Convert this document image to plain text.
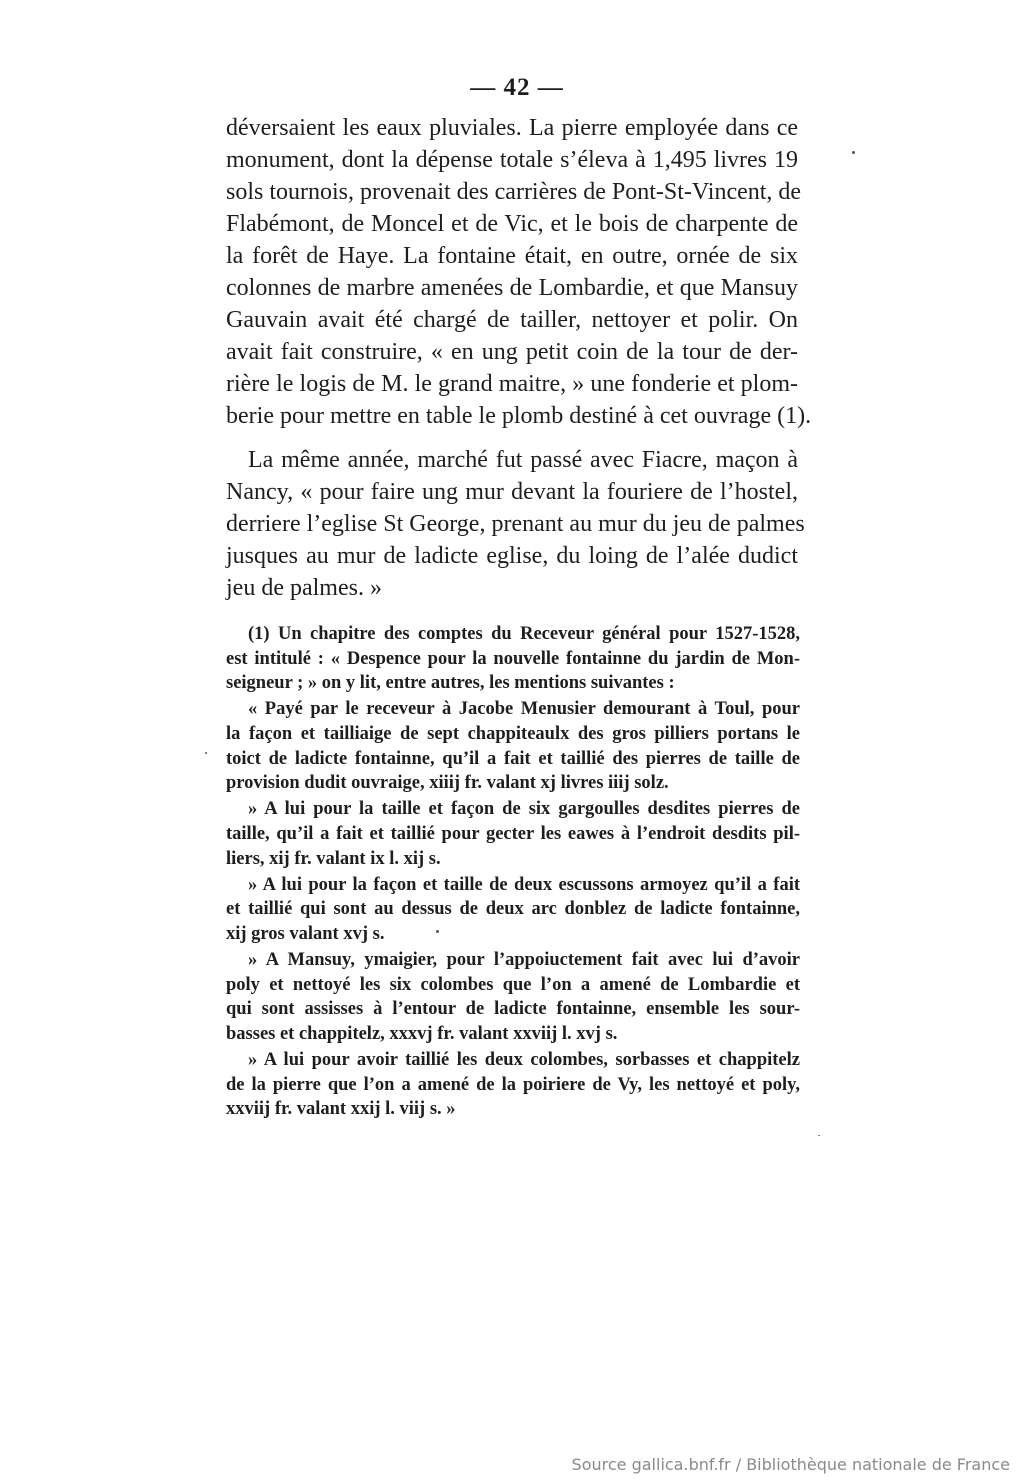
— 42 —
déversaient les eaux pluviales. La pierre employée dans ce
monument, dont la dépense totale s’éleva à 1,495 livres 19
sols tournois, provenait des carrières de Pont-St-Vincent, de
Flabémont, de Moncel et de Vic, et le bois de charpente de
la forêt de Haye. La fontaine était, en outre, ornée de six
colonnes de marbre amenées de Lombardie, et que Mansuy
Gauvain avait été chargé de tailler, nettoyer et polir. On
avait fait construire, « en ung petit coin de la tour de der-
rière le logis de M. le grand maitre, » une fonderie et plom-
berie pour mettre en table le plomb destiné à cet ouvrage (1).
La même année, marché fut passé avec Fiacre, maçon à
Nancy, « pour faire ung mur devant la fouriere de l’hostel,
derriere l’eglise St George, prenant au mur du jeu de palmes
jusques au mur de ladicte eglise, du loing de l’alée dudict
jeu de palmes. »
(1) Un chapitre des comptes du Receveur général pour 1527-1528,
est intitulé : « Despence pour la nouvelle fontainne du jardin de Mon-
seigneur ; » on y lit, entre autres, les mentions suivantes :
« Payé par le receveur à Jacobe Menusier demourant à Toul, pour
la façon et tailliaige de sept chappiteaulx des gros pilliers portans le
toict de ladicte fontainne, qu’il a fait et taillié des pierres de taille de
provision dudit ouvraige, xiiij fr. valant xj livres iiij solz.
» A lui pour la taille et façon de six gargoulles desdites pierres de
taille, qu’il a fait et taillié pour gecter les eawes à l’endroit desdits pil-
liers, xij fr. valant ix l. xij s.
» A lui pour la façon et taille de deux escussons armoyez qu’il a fait
et taillié qui sont au dessus de deux arc donblez de ladicte fontainne,
xij gros valant xvj s.
» A Mansuy, ymaigier, pour l’appoiuctement fait avec lui d’avoir
poly et nettoyé les six colombes que l’on a amené de Lombardie et
qui sont assisses à l’entour de ladicte fontainne, ensemble les sour-
basses et chappitelz, xxxvj fr. valant xxviij l. xvj s.
» A lui pour avoir taillié les deux colombes, sorbasses et chappitelz
de la pierre que l’on a amené de la poiriere de Vy, les nettoyé et poly,
xxviij fr. valant xxij l. viij s. »
Source gallica.bnf.fr / Bibliothèque nationale de France
